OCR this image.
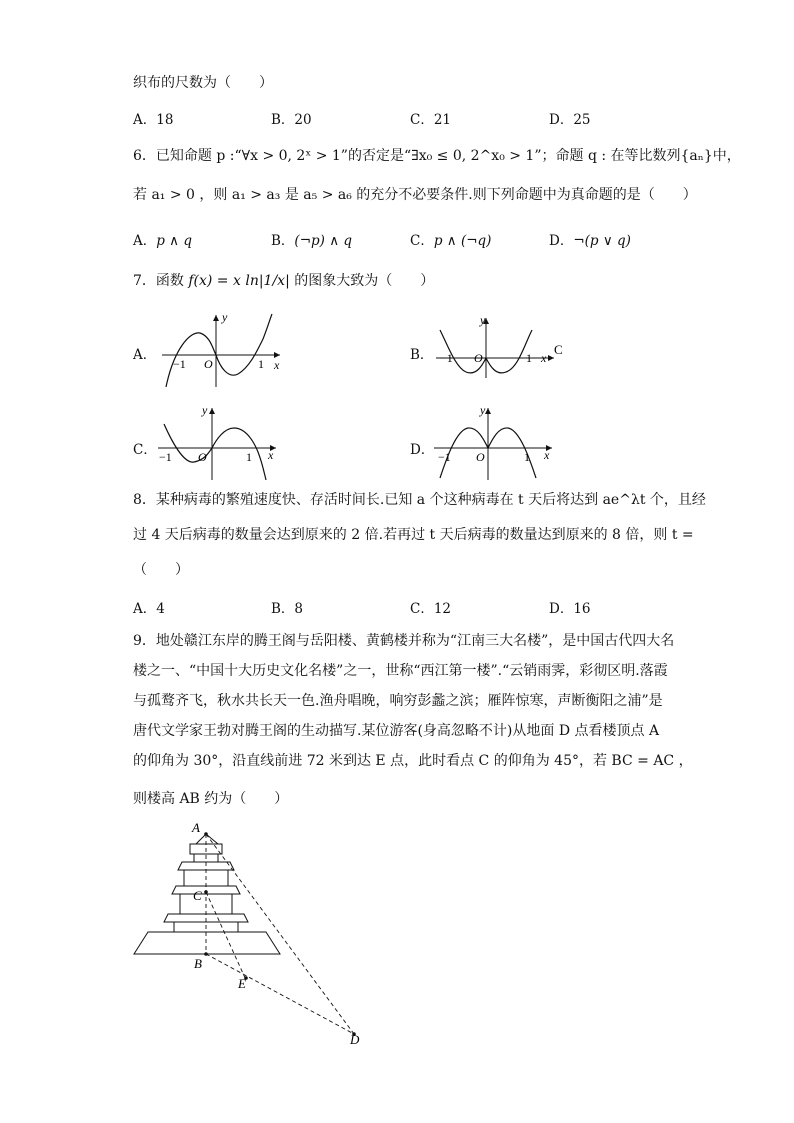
织布的尺数为（　　）
A．18	B．20	C．21	D．25
6．已知命题 p :“∀x > 0, 2ˣ > 1”的否定是“∃x₀ ≤ 0, 2^x₀ > 1”；命题 q : 在等比数列{aₙ}中，
若 a₁ > 0 ，则 a₁ > a₃ 是 a₅ > a₆ 的充分不必要条件.则下列命题中为真命题的是（　　）
A．p ∧ q	B．(¬p) ∧ q	C．p ∧ (¬q)	D．¬(p ∨ q)
7．函数 f(x) = x ln|1/x| 的图象大致为（　　）
A．
y
x
−1 O	1
B．
y
x
−1 O	1
C
C．
y
x
−1 O	1	D．
y
x
−1 O	1
8．某种病毒的繁殖速度快、存活时间长.已知 a 个这种病毒在 t 天后将达到 ae^λt 个，且经
过 4 天后病毒的数量会达到原来的 2 倍.若再过 t 天后病毒的数量达到原来的 8 倍，则 t =
（　　）
A．4	B．8	C．12	D．16
9．地处赣江东岸的腾王阁与岳阳楼、黄鹤楼并称为“江南三大名楼”，是中国古代四大名
楼之一、“中国十大历史文化名楼”之一，世称“西江第一楼”.“云销雨霁，彩彻区明.落霞
与孤鹜齐飞，秋水共长天一色.渔舟唱晚，响穷彭蠡之滨；雁阵惊寒，声断衡阳之浦”是
唐代文学家王勃对腾王阁的生动描写.某位游客(身高忽略不计)从地面 D 点看楼顶点 A
的仰角为 30°，沿直线前进 72 米到达 E 点，此时看点 C 的仰角为 45°，若 BC = AC ，
则楼高 AB 约为（　　）
A
C
B
E
D
